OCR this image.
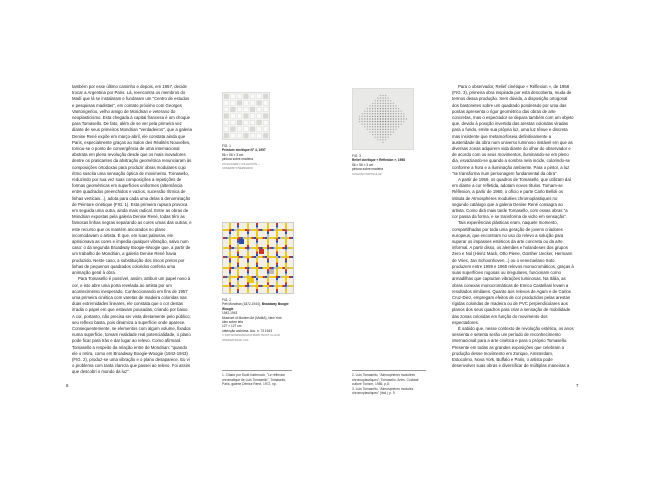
também por esse último caminho e depois, em 1957, decide trocar a Argentina por Paris. Lá, reencontra os membros do Madí que lá se instalaram e fundaram um "Centro de estudos e pesquisas madistas", em contato próximo com Georges Vantongerloo, velho amigo de Mondrian e veterano do neoplasticismo. Esta chegada à capital francesa é um choque para Tomasello. De fato, além de se ver pela primeira vez diante de seus primeiros Mondrian "verdadeiros", que a galeria Denise René expõe em março-abril, ele constata ainda que Paris, especialmente graças ao Salon des Réalités Nouvelles, tornou-se o ponto de convergência de uma internacional abstrata em plena revolução desde que os mais inovadores dentre os praticantes da abstração geométrica renunciaram às composições ortodoxas para produzir obras modulares cujo ritmo suscita uma sensação óptica de movimento. Tomasello, reduzindo por sua vez suas composições a repetições de formas geométricas em superfícies uniformes (alternância entre quadrados preenchidos e vazios, sucessão rítmica de linhas verticais...), adota para cada uma delas a denominação de Peinture cinétique (FIG. 1). Esta primeira ruptura provoca em seguida uma outra, ainda mais radical. Entre as obras de Mondrian expostas pela galeria Denise René, todas têm as famosas linhas negras separando as cores umas das outras, e este recurso que os mantém ancorados no plano incomodavam o artista. É que, em suas palavras, ele aprisionava as cores e impedia qualquer vibração, salvo num caso: o da segunda Broadway Boogie-Woogie que, a partir de um trabalho de Mondrian, a galeria Denise René havia produzido. Neste caso, a substituição dos riscos pretos por linhas de pequenos quadrados coloridos conferia uma animação geral à obra.

Para Tomasello é possível, assim, atribuir um papel novo à cor, e isto abre uma porta revelada ao artista por um acontecimento inesperado. Confeccionando em fins de 1957 uma primeira cinética com varetas de madeira coloridas nas duas extremidades lineares, ele constata que o cor destas irradia o papel em que estavam pousadas, criando por baixo. A cor, portanto, não precisa ser vista diretamente pelo público; seu reflexo basta, pois dinamiza a superfície onde aparece. Consequentemente, se elementos com algum volume, fixados numa superfície, tomam realidade real potencialidade, o plano pode ficar para trás e dar lugar ao relevo. Como afirmará Tomasello a respeito da relação entre de Mondrian: "quando ele o retira, como em Broadway Boogie-Woogie (1942-1943) (FIG. 2), produz-se uma vibração e o plano desaparece. Eu vi o problema com tanta clareza que passei ao relevo. Foi assim que descobri o mundo da luz".

FIG. 1
Peinture cinétique N° 4, 1957
56 × 56 × 3 cm
pintura sobre madeira
ATCHUGARRY COLLECTION — UNIVERSITY/SEMINARIO
FIG. 3
Relief cinétique « Réflexion », 1958
56 × 56 × 3 cm
pintura sobre madeira
COLEÇÃO PARTICULAR
FIG. 2
Piet Mondrian (1872-1944), Broadway Boogie Woogie
1942-1943
Museum of Modern Art (MoMA), New York
óleo sobre tela
127 × 127 cm
obtenção anônima. Acc. n. 73.1943
© 2025 MONDRIAN/HOLTZMAN TRUST c/o HCR INTERNATIONAL USA
1. Citado por Scott Kattenoch, "Le réflexion chromatique de Luis Tomasello", Tomasello, Paris, galerie Denise René, 1972, np.
2. Luis Tomasello, "Atmosphères modulées chromoplastiques", Tomasello, Arles, Cocktail culture Tonizm, 1985, p.8.
3. Luis Tomasello, "Atmosphères modules chromoplastiques" (ibid.) p. 9.

Para o observador, Relief cinétique « Réflexion », de 1958 (FIG. 3), primeira obra inspirada por esta descoberta, muda de termos dessa produção. Sem dúvida, a disposição ortogonal dos bastonetes sobre um quadrado ponderado por uma das pontas apresenta o rigor geométrico das obras de arte concretas, mas o espectador se depara também com um objeto que, devido à posição invertida das arestas coloridas viradas para o fundo, emite sua própria luz, uma luz tênue e discreta mas insistente que metamorfoseia definitivamente a austeridade da obra num universo luminoso instável em que as diversas zonas adquirem vida diante do olhar do observador e de acordo com os seus movimentos, iluminando-se em pleno dia, esvaziando-se quando a sombra nela incide, colorindo-se conforme a hora e a iluminação ambiente. Para o pintor, a luz "se transforma num personagem fundamental da obra".

A partir de 1959, os quadros de Tomasello, que utilizam daí em diante a cor refletida, adotam novos títulos. Tornam-se Réflexion, a partir de 1960, o ofício e parte Carlo Belloli os intitula de Atmosphères modulées chromoplastiques no segundo catálogo que a galeria Denise René consagra ao artista. Como dirá mais tarde Tomasello, com essas obras "a cor passa da forma, e se transforma de vidro em sensação".

Tais experiências plásticas eram, naquele momento, compartilhadas por toda uma geração de jovens criadores europeus, que encontram no uso do relevo a solução para superar os impasses estéticos da arte concreta ou da arte informal. A partir disso, os alemães e holandeses dos grupos Zero e Nul (Heinz Mack, Otto Piene, Günther Uecker, Hermann de Vries, Jan Schoonhoven...) ou o venezuelano Soto produzem entre 1959 e 1960 relevos monocromáticos, graças à suas superfícies rugosas ou irregulares, funcionam como armadilhas que capturam vibrações luminosas. Na Itália, as obras conexas monocromáticas de Enrico Castellani levam a resultados similares. Quanto aos relevos de Agam e de Carlos Cruz-Diez, empregam efeitos de cor produzidos pelas arestas rígidas coloridas de madeira ou de PVC perpendiculares aos planos dos seus quadros para criar a sensação de mobilidade das zonas coloridas em função do movimento dos espectadores.

É sabido que, nesse contexto de revolução estética, os anos sessenta e setenta serão um período de reconhecimento internacional para a arte cinética e para o próprio Tomasello. Presente em todas as grandes exposições que celebram a produção desse movimento em Zurique, Amsterdam, Estocolmo, Nova York, Buffalo e Paris, o artista pode desenvolver suas obras e diversificar de múltiplas maneiras a

6	7
